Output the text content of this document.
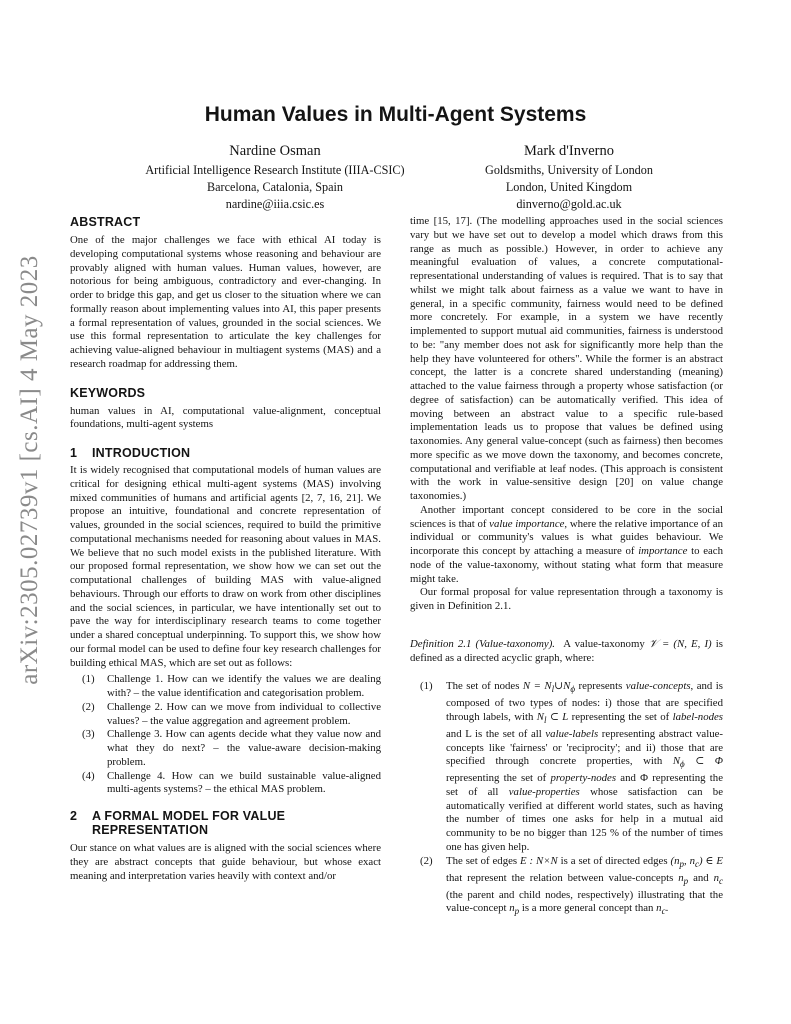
arXiv:2305.02739v1 [cs.AI] 4 May 2023
Human Values in Multi-Agent Systems
Nardine Osman
Artificial Intelligence Research Institute (IIIA-CSIC)
Barcelona, Catalonia, Spain
nardine@iiia.csic.es
Mark d'Inverno
Goldsmiths, University of London
London, United Kingdom
dinverno@gold.ac.uk
ABSTRACT

One of the major challenges we face with ethical AI today is developing computational systems whose reasoning and behaviour are provably aligned with human values. Human values, however, are notorious for being ambiguous, contradictory and ever-changing. In order to bridge this gap, and get us closer to the situation where we can formally reason about implementing values into AI, this paper presents a formal representation of values, grounded in the social sciences. We use this formal representation to articulate the key challenges for achieving value-aligned behaviour in multiagent systems (MAS) and a research roadmap for addressing them.

KEYWORDS

human values in AI, computational value-alignment, conceptual foundations, multi-agent systems

1	INTRODUCTION

It is widely recognised that computational models of human values are critical for designing ethical multi-agent systems (MAS) involving mixed communities of humans and artificial agents [2, 7, 16, 21]. We propose an intuitive, foundational and concrete representation of values, grounded in the social sciences, required to build the primitive computational mechanisms needed for reasoning about values in MAS. We believe that no such model exists in the published literature. With our proposed formal representation, we show how we can set out the computational challenges of building MAS with value-aligned behaviours. Through our efforts to draw on work from other disciplines and the social sciences, in particular, we have intentionally set out to pave the way for interdisciplinary research teams to come together under a shared conceptual underpinning. To support this, we show how our formal model can be used to define four key research challenges for building ethical MAS, which are set out as follows:

(1)	Challenge 1. How can we identify the values we are dealing with? – the value identification and categorisation problem.
(2)	Challenge 2. How can we move from individual to collective values? – the value aggregation and agreement problem.
(3)	Challenge 3. How can agents decide what they value now and what they do next? – the value-aware decision-making problem.
(4)	Challenge 4. How can we build sustainable value-aligned multi-agents systems? – the ethical MAS problem.
2	A FORMAL MODEL FOR VALUE
REPRESENTATION

Our stance on what values are is aligned with the social sciences where they are abstract concepts that guide behaviour, but whose exact meaning and interpretation varies heavily with context and/or

time [15, 17]. (The modelling approaches used in the social sciences vary but we have set out to develop a model which draws from this range as much as possible.) However, in order to achieve any meaningful evaluation of values, a concrete computational-representational understanding of values is required. That is to say that whilst we might talk about fairness as a value we want to have in general, in a specific community, fairness would need to be defined more concretely. For example, in a system we have recently implemented to support mutual aid communities, fairness is understood to be: "any member does not ask for significantly more help than the help they have volunteered for others". While the former is an abstract concept, the latter is a concrete shared understanding (meaning) attached to the value fairness through a property whose satisfaction (or degree of satisfaction) can be automatically verified. This idea of moving between an abstract value to a specific rule-based implementation leads us to propose that values be defined using taxonomies. Any general value-concept (such as fairness) then becomes more specific as we move down the taxonomy, and becomes concrete, computational and verifiable at leaf nodes. (This approach is consistent with the work in value-sensitive design [20] on value change taxonomies.)

Another important concept considered to be core in the social sciences is that of value importance, where the relative importance of an individual or community's values is what guides behaviour. We incorporate this concept by attaching a measure of importance to each node of the value-taxonomy, without stating what form that measure might take.

Our formal proposal for value representation through a taxonomy is given in Definition 2.1.

Definition 2.1 (Value-taxonomy). A value-taxonomy 𝒱 = (N, E, I) is defined as a directed acyclic graph, where:

(1)	The set of nodes $N = N_l\cup N_\phi$ represents value-concepts, and is composed of two types of nodes: i) those that are specified through labels, with $N_l$ ⊂ L representing the set of label-nodes and L is the set of all value-labels representing abstract value-concepts like 'fairness' or 'reciprocity'; and ii) those that are specified through concrete properties, with $N_\phi$ ⊂ Φ representing the set of property-nodes and Φ representing the set of all value-properties whose satisfaction can be automatically verified at different world states, such as having the number of times one asks for help in a mutual aid community to be no bigger than 125 % of the number of times one has given help.
(2)	The set of edges E : N×N is a set of directed edges ($n_p$, $n_c$) ∈ E that represent the relation between value-concepts $n_p$ and $n_c$ (the parent and child nodes, respectively) illustrating that the value-concept $n_p$ is a more general concept than $n_c$.
